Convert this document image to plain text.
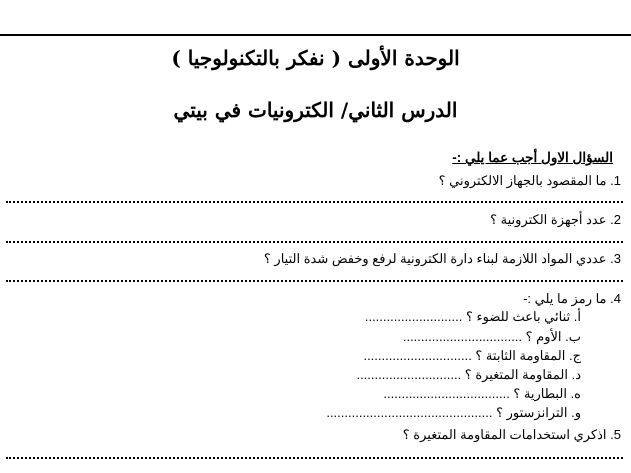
الوحدة الأولى ( نفكر بالتكنولوجيا )
الدرس الثاني/ الكترونيات في بيتي
السؤال الاول أجب عما يلي :-
1. ما المقصود بالجهاز الالكتروني ؟
2. عدد أجهزة الكترونية ؟
3. عددي المواد اللازمة لبناء دارة الكترونية لرفع وخفض شدة التيار ؟
4. ما رمز ما يلي :-
أ. ثنائي باعث للضوء ؟ ...........................
ب. الأوم ؟ .................................
ج. المقاومة الثابتة ؟ ..............................
د. المقاومة المتغيرة ؟ .............................
ه. البطارية ؟ ...................................
و. الترانزستور ؟ ..............................................
5. اذكري استخدامات المقاومة المتغيرة ؟
